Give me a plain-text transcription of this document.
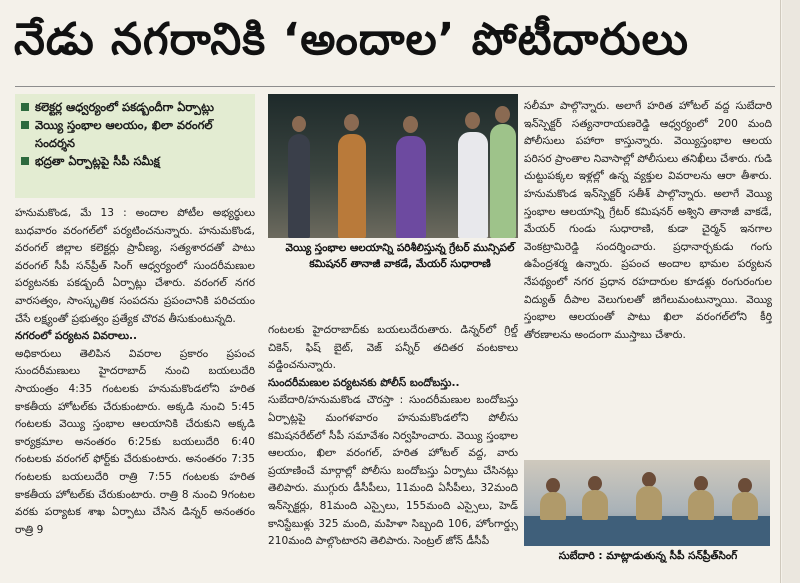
నేడు నగరానికి ‘అందాల’ పోటీదారులు
కలెక్టర్ల ఆధ్వర్యంలో పకడ్బందీగా ఏర్పాట్లు
వెయ్యి స్తంభాల ఆలయం, ఖిలా వరంగల్ సందర్శన
భద్రతా ఏర్పాట్లపై సీపీ సమీక్ష

హనుమకొండ, మే 13 : అందాల పోటీల అభ్యర్థులు బుధవారం వరంగల్‌లో పర్యటించనున్నారు. హనుమకొండ, వరంగల్ జిల్లాల కలెక్టర్లు ప్రావీణ్య, సత్యశారదతో పాటు వరంగల్ సీపీ సన్‌ప్రీత్ సింగ్ ఆధ్వర్యంలో సుందరీమణుల పర్యటనకు పకడ్బందీ ఏర్పాట్లు చేశారు. వరంగల్ నగర వారసత్వం, సాంస్కృతిక సంపదను ప్రపంచానికి పరిచయం చేసే లక్ష్యంతో ప్రభుత్వం ప్రత్యేక చొరవ తీసుకుంటున్నది.

నగరంలో పర్యటన వివరాలు..

అధికారులు తెలిపిన వివరాల ప్రకారం ప్రపంచ సుందరీమణులు హైదరాబాద్ నుంచి బయలుదేరి సాయంత్రం 4:35 గంటలకు హనుమకొండలోని హరిత కాకతీయ హోటల్‌కు చేరుకుంటారు. అక్కడి నుంచి 5:45 గంటలకు వెయ్యి స్తంభాల ఆలయానికి చేరుకుని అక్కడి కార్యక్రమాల అనంతరం 6:25కు బయలుదేరి 6:40 గంటలకు వరంగల్ ఫోర్ట్‌కు చేరుకుంటారు. అనంతరం 7:35 గంటలకు బయలుదేరి రాత్రి 7:55 గంటలకు హరిత కాకతీయ హోటల్‌కు చేరుకుంటారు. రాత్రి 8 నుంచి 9గంటల వరకు పర్యాటక శాఖ ఏర్పాటు చేసిన డిన్నర్ అనంతరం రాత్రి 9

వెయ్యి స్తంభాల ఆలయాన్ని పరిశీలిస్తున్న గ్రేటర్ మున్సిపల్ కమిషనర్ తానాజీ వాకడే, మేయర్ సుధారాణి

గంటలకు హైదరాబాద్‌కు బయలుదేరుతారు. డిన్నర్‌లో గ్రిల్డ్ చికెన్, ఫిష్ బైట్, వెజ్ పన్నీర్ తదితర వంటకాలు వడ్డించనున్నారు.

సుందరీమణుల పర్యటనకు పోలీస్ బందోబస్తు..

సుబేదారి/హనుమకొండ చౌరస్తా : సుందరీమణుల బందోబస్తు ఏర్పాట్లపై మంగళవారం హనుమకొండలోని పోలీసు కమిషనరేట్‌లో సీపీ సమావేశం నిర్వహించారు. వెయ్యి స్తంభాల ఆలయం, ఖిలా వరంగల్, హరిత హోటల్ వద్ద, వారు ప్రయాణించే మార్గాల్లో పోలీసు బందోబస్తు ఏర్పాటు చేసినట్లు తెలిపారు. ముగ్గురు డీసీపీలు, 11మంది ఏసీపీలు, 32మంది ఇన్‌స్పెక్టర్లు, 81మంది ఎస్సైలు, 155మంది ఎస్సైలు, హెడ్ కానిస్టేబుళ్లు 325 మంది, మహిళా సిబ్బంది 106, హోంగార్డ్సు 210మంది పాల్గొంటారని తెలిపారు. సెంట్రల్ జోన్ డీసీపీ

సలీమా పాల్గొన్నారు. అలాగే హరిత హోటల్ వద్ద సుబేదారి ఇన్‌స్పెక్టర్ సత్యనారాయణరెడ్డి ఆధ్వర్యంలో 200 మంది పోలీసులు పహారా కాస్తున్నారు. వెయ్యిస్తంభాల ఆలయ పరిసర ప్రాంతాల నివాసాల్లో పోలీసులు తనిఖీలు చేశారు. గుడి చుట్టుపక్కల ఇళ్లల్లో ఉన్న వ్యక్తుల వివరాలను ఆరా తీశారు. హనుమకొండ ఇన్‌స్పెక్టర్ సతీశ్ పాల్గొన్నారు. అలాగే వెయ్యి స్తంభాల ఆలయాన్ని గ్రేటర్ కమిషనర్ అశ్విని తానాజీ వాకడే, మేయర్ గుండు సుధారాణి, కుడా చైర్మన్ ఇనగాల వెంకట్రామిరెడ్డి సందర్శించారు. ప్రధానార్చకుడు గంగు ఉపేంద్రశర్మ ఉన్నారు. ప్రపంచ అందాల భామల పర్యటన నేపథ్యంలో నగర ప్రధాన రహదారుల కూడళ్లు రంగురంగుల విద్యుత్ దీపాల వెలుగులతో జిగేలుమంటున్నాయి. వెయ్యి స్తంభాల ఆలయంతో పాటు ఖిలా వరంగల్‌లోని కీర్తి తోరణాలను అందంగా ముస్తాబు చేశారు.

సుబేదారి : మాట్లాడుతున్న సీపీ సన్‌ప్రీత్‌సింగ్
